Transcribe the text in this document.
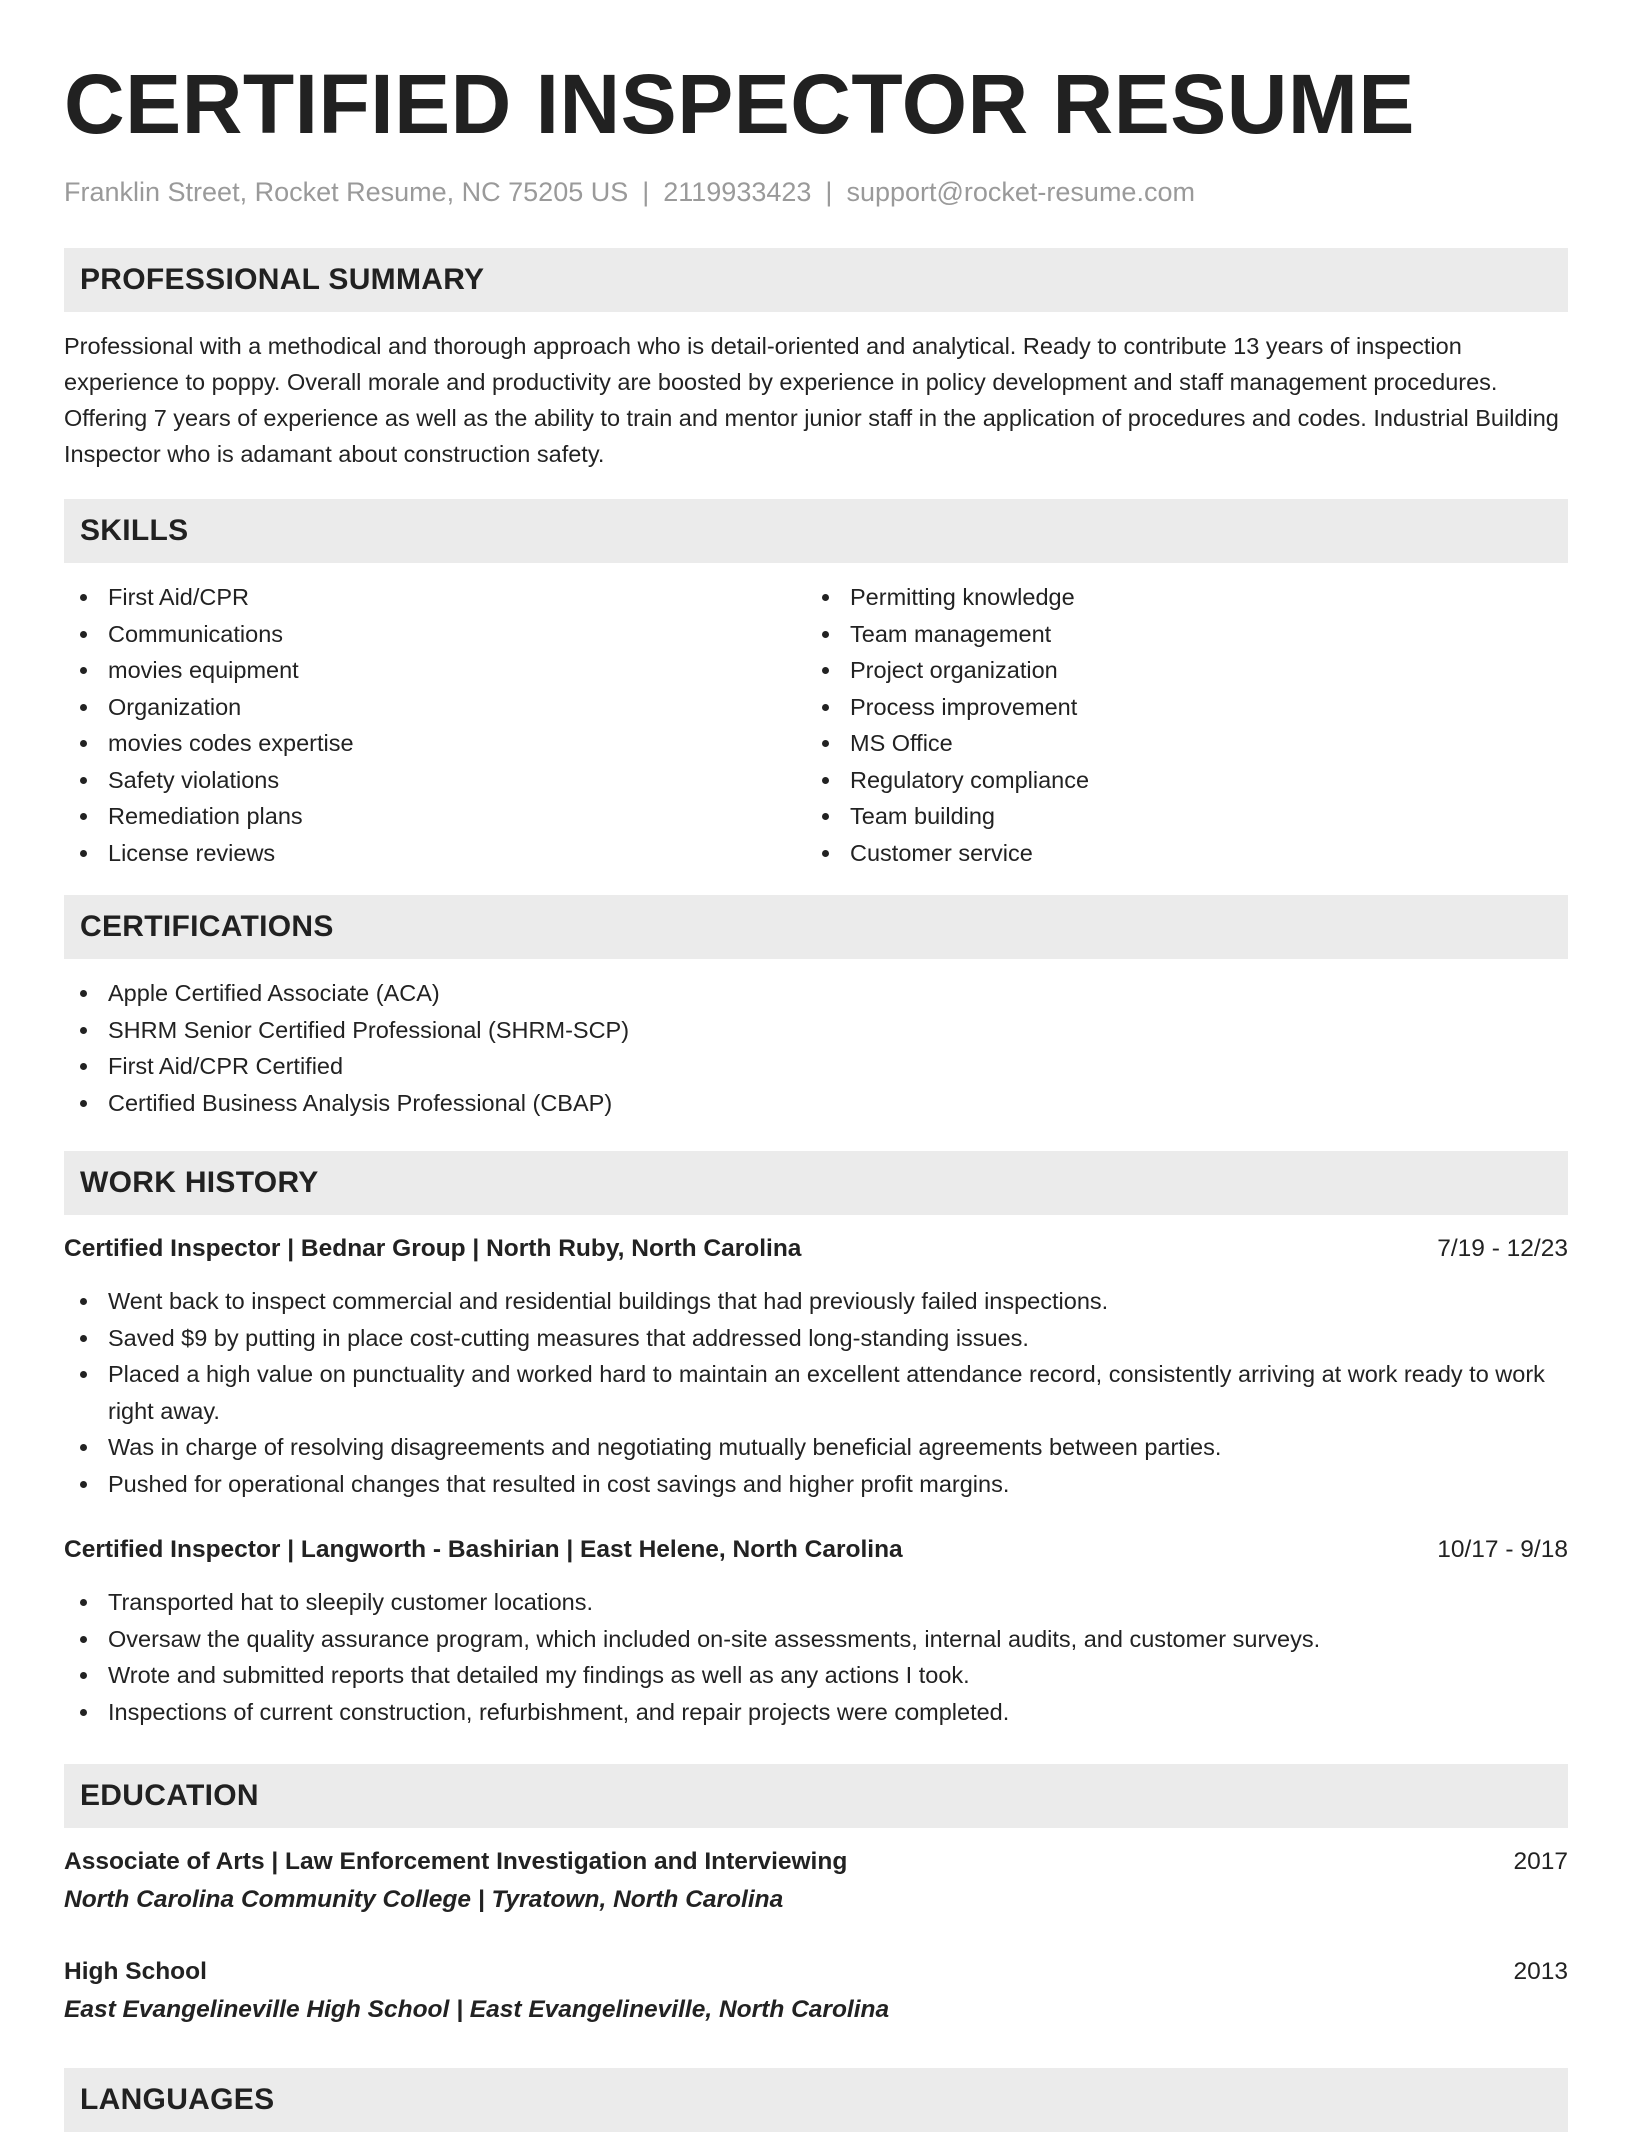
CERTIFIED INSPECTOR RESUME
Franklin Street, Rocket Resume, NC 75205 US | 2119933423 | support@rocket-resume.com
PROFESSIONAL SUMMARY

Professional with a methodical and thorough approach who is detail-oriented and analytical. Ready to contribute 13 years of inspection experience to poppy. Overall morale and productivity are boosted by experience in policy development and staff management procedures. Offering 7 years of experience as well as the ability to train and mentor junior staff in the application of procedures and codes. Industrial Building Inspector who is adamant about construction safety.

SKILLS
First Aid/CPR
Communications
movies equipment
Organization
movies codes expertise
Safety violations
Remediation plans
License reviews
Permitting knowledge
Team management
Project organization
Process improvement
MS Office
Regulatory compliance
Team building
Customer service
CERTIFICATIONS
Apple Certified Associate (ACA)
SHRM Senior Certified Professional (SHRM-SCP)
First Aid/CPR Certified
Certified Business Analysis Professional (CBAP)
WORK HISTORY
Certified Inspector | Bednar Group | North Ruby, North Carolina	7/19 - 12/23
Went back to inspect commercial and residential buildings that had previously failed inspections.
Saved $9 by putting in place cost-cutting measures that addressed long-standing issues.
Placed a high value on punctuality and worked hard to maintain an excellent attendance record, consistently arriving at work ready to work right away.
Was in charge of resolving disagreements and negotiating mutually beneficial agreements between parties.
Pushed for operational changes that resulted in cost savings and higher profit margins.
Certified Inspector | Langworth - Bashirian | East Helene, North Carolina	10/17 - 9/18
Transported hat to sleepily customer locations.
Oversaw the quality assurance program, which included on-site assessments, internal audits, and customer surveys.
Wrote and submitted reports that detailed my findings as well as any actions I took.
Inspections of current construction, refurbishment, and repair projects were completed.
EDUCATION
Associate of Arts | Law Enforcement Investigation and Interviewing	2017
North Carolina Community College | Tyratown, North Carolina
High School	2013
East Evangelineville High School | East Evangelineville, North Carolina
LANGUAGES
